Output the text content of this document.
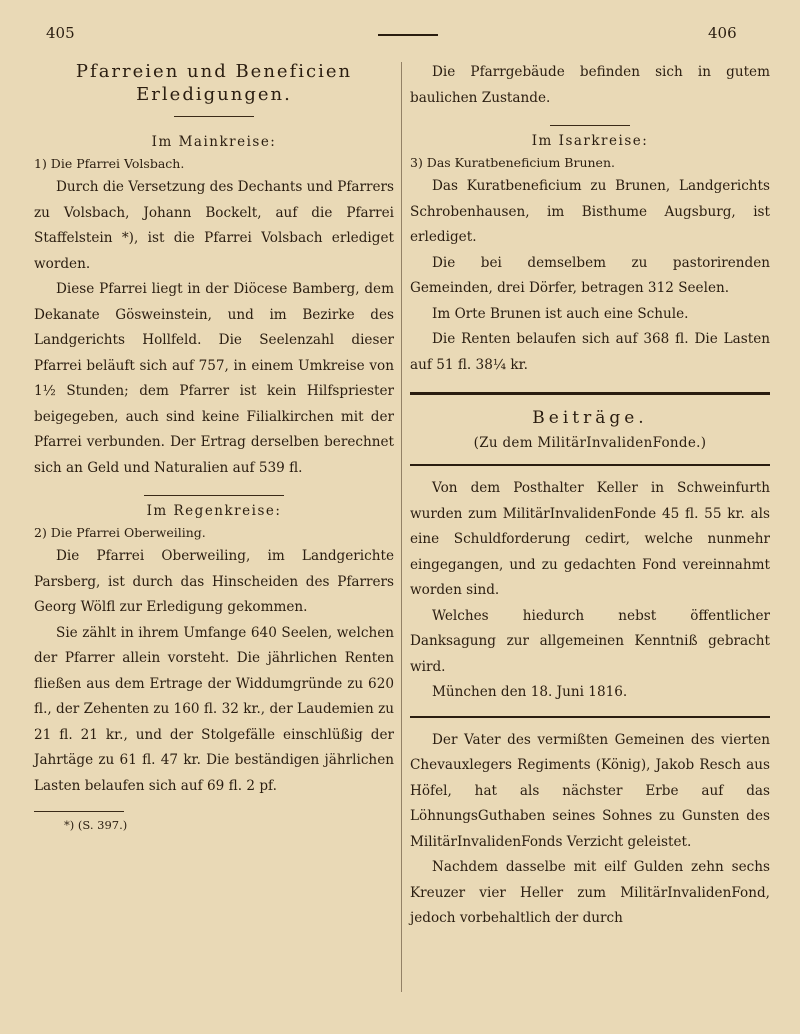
405	406
Pfarreien und Beneficien
Erledigungen.
Im Mainkreise:
1) Die Pfarrei Volsbach.
Durch die Versetzung des Dechants und Pfarrers zu Volsbach, Johann Bockelt, auf die Pfarrei Staffelstein *), ist die Pfarrei Volsbach erlediget worden.
Diese Pfarrei liegt in der Diöcese Bamberg, dem Dekanate Gösweinstein, und im Bezirke des Landgerichts Hollfeld. Die Seelenzahl dieser Pfarrei beläuft sich auf 757, in einem Umkreise von 1½ Stunden; dem Pfarrer ist kein Hilfspriester beigegeben, auch sind keine Filialkirchen mit der Pfarrei verbunden. Der Ertrag derselben berechnet sich an Geld und Naturalien auf 539 fl.
Im Regenkreise:
2) Die Pfarrei Oberweiling.
Die Pfarrei Oberweiling, im Landgerichte Parsberg, ist durch das Hinscheiden des Pfarrers Georg Wölfl zur Erledigung gekommen.
Sie zählt in ihrem Umfange 640 Seelen, welchen der Pfarrer allein vorsteht. Die jährlichen Renten fließen aus dem Ertrage der Widdumgründe zu 620 fl., der Zehenten zu 160 fl. 32 kr., der Laudemien zu 21 fl. 21 kr., und der Stolgefälle einschlüßig der Jahrtäge zu 61 fl. 47 kr. Die beständigen jährlichen Lasten belaufen sich auf 69 fl. 2 pf.
*) (S. 397.)
Die Pfarrgebäude befinden sich in gutem baulichen Zustande.
Im Isarkreise:
3) Das Kuratbeneficium Brunen.
Das Kuratbeneficium zu Brunen, Landgerichts Schrobenhausen, im Bisthume Augsburg, ist erlediget.
Die bei demselbem zu pastorirenden Gemeinden, drei Dörfer, betragen 312 Seelen.
Im Orte Brunen ist auch eine Schule.
Die Renten belaufen sich auf 368 fl. Die Lasten auf 51 fl. 38¼ kr.
Beiträge.
(Zu dem MilitärInvalidenFonde.)
Von dem Posthalter Keller in Schweinfurth wurden zum MilitärInvalidenFonde 45 fl. 55 kr. als eine Schuldforderung cedirt, welche nunmehr eingegangen, und zu gedachten Fond vereinnahmt worden sind.
Welches hiedurch nebst öffentlicher Danksagung zur allgemeinen Kenntniß gebracht wird.
München den 18. Juni 1816.
Der Vater des vermißten Gemeinen des vierten Chevauxlegers Regiments (König), Jakob Resch aus Höfel, hat als nächster Erbe auf das LöhnungsGuthaben seines Sohnes zu Gunsten des MilitärInvalidenFonds Verzicht geleistet.
Nachdem dasselbe mit eilf Gulden zehn sechs Kreuzer vier Heller zum MilitärInvalidenFond, jedoch vorbehaltlich der durch
